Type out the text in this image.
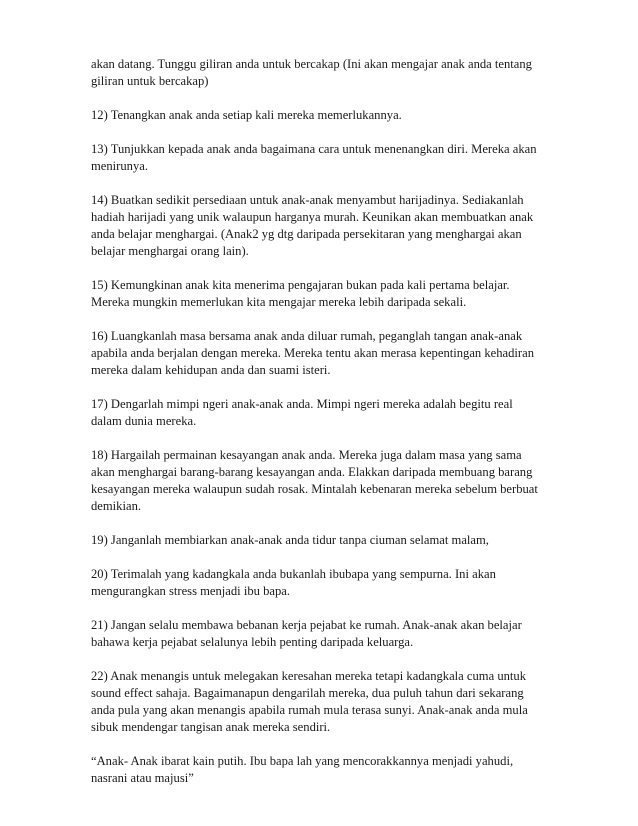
akan datang. Tunggu giliran anda untuk bercakap (Ini akan mengajar anak anda tentang
giliran untuk bercakap)

12) Tenangkan anak anda setiap kali mereka memerlukannya.

13) Tunjukkan kepada anak anda bagaimana cara untuk menenangkan diri. Mereka akan
menirunya.

14) Buatkan sedikit persediaan untuk anak-anak menyambut harijadinya. Sediakanlah
hadiah harijadi yang unik walaupun harganya murah. Keunikan akan membuatkan anak
anda belajar menghargai. (Anak2 yg dtg daripada persekitaran yang menghargai akan
belajar menghargai orang lain).

15) Kemungkinan anak kita menerima pengajaran bukan pada kali pertama belajar.
Mereka mungkin memerlukan kita mengajar mereka lebih daripada sekali.

16) Luangkanlah masa bersama anak anda diluar rumah, peganglah tangan anak-anak
apabila anda berjalan dengan mereka. Mereka tentu akan merasa kepentingan kehadiran
mereka dalam kehidupan anda dan suami isteri.

17) Dengarlah mimpi ngeri anak-anak anda. Mimpi ngeri mereka adalah begitu real
dalam dunia mereka.

18) Hargailah permainan kesayangan anak anda. Mereka juga dalam masa yang sama
akan menghargai barang-barang kesayangan anda. Elakkan daripada membuang barang
kesayangan mereka walaupun sudah rosak. Mintalah kebenaran mereka sebelum berbuat
demikian.

19) Janganlah membiarkan anak-anak anda tidur tanpa ciuman selamat malam,

20) Terimalah yang kadangkala anda bukanlah ibubapa yang sempurna. Ini akan
mengurangkan stress menjadi ibu bapa.

21) Jangan selalu membawa bebanan kerja pejabat ke rumah. Anak-anak akan belajar
bahawa kerja pejabat selalunya lebih penting daripada keluarga.

22) Anak menangis untuk melegakan keresahan mereka tetapi kadangkala cuma untuk
sound effect sahaja. Bagaimanapun dengarilah mereka, dua puluh tahun dari sekarang
anda pula yang akan menangis apabila rumah mula terasa sunyi. Anak-anak anda mula
sibuk mendengar tangisan anak mereka sendiri.

“Anak- Anak ibarat kain putih. Ibu bapa lah yang mencorakkannya menjadi yahudi,
nasrani atau majusi”
